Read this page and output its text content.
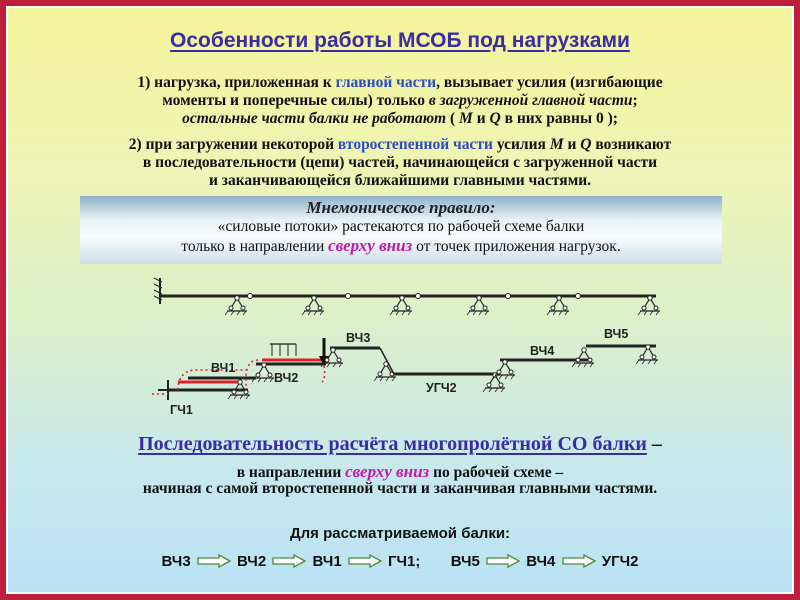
Особенности работы МСОБ под нагрузками
1) нагрузка, приложенная к главной части, вызывает усилия (изгибающие
моменты и поперечные силы) только в загруженной главной части;
остальные части балки не работают ( M и Q в них равны 0 );
2) при загружении некоторой второстепенной части усилия M и Q возникают
в последовательности (цепи) частей, начинающейся с загруженной части
и заканчивающейся ближайшими главными частями.
Мнемоническое правило:
«силовые потоки» растекаются по рабочей схеме балки
только в направлении сверху вниз от точек приложения нагрузок.
ВЧ1
ВЧ2
ВЧ3
ВЧ4
ВЧ5
УГЧ2
ГЧ1
Последовательность расчёта многопролётной СО балки –
в направлении сверху вниз по рабочей схеме –
начиная с самой второстепенной части и заканчивая главными частями.
Для рассматриваемой балки:
ВЧ3	ВЧ2	ВЧ1	ГЧ1; ВЧ5	ВЧ4	УГЧ2
